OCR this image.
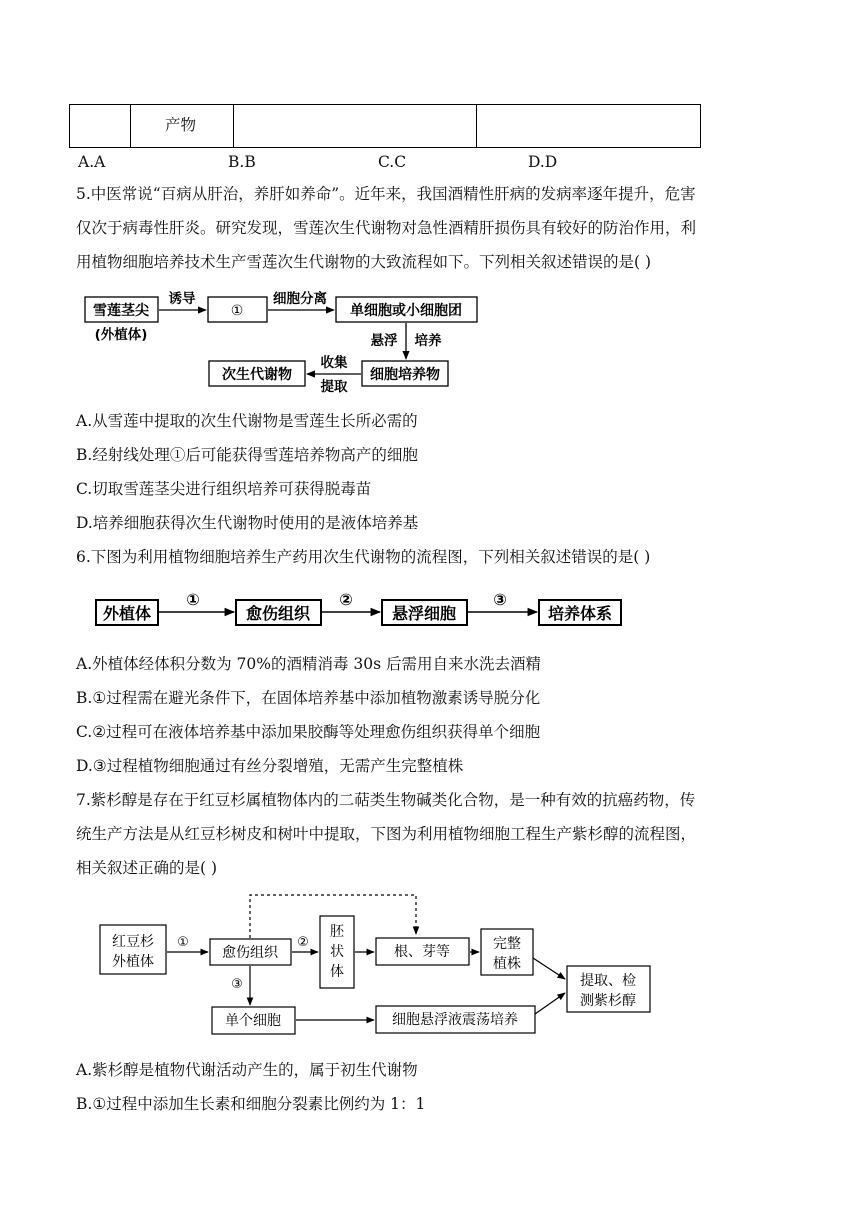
产物
A.A	B.B	C.C	D.D
5.中医常说“百病从肝治，养肝如养命”。近年来，我国酒精性肝病的发病率逐年提升，危害
仅次于病毒性肝炎。研究发现，雪莲次生代谢物对急性酒精肝损伤具有较好的防治作用，利
用植物细胞培养技术生产雪莲次生代谢物的大致流程如下。下列相关叙述错误的是( )
雪莲茎尖
(外植体)
诱导
①
细胞分离
单细胞或小细胞团
悬浮 培养
细胞培养物
收集
提取
次生代谢物
A.从雪莲中提取的次生代谢物是雪莲生长所必需的
B.经射线处理①后可能获得雪莲培养物高产的细胞
C.切取雪莲茎尖进行组织培养可获得脱毒苗
D.培养细胞获得次生代谢物时使用的是液体培养基
6.下图为利用植物细胞培养生产药用次生代谢物的流程图，下列相关叙述错误的是( )
外植体
①
愈伤组织
②
悬浮细胞
③
培养体系
A.外植体经体积分数为 70%的酒精消毒 30s 后需用自来水洗去酒精
B.①过程需在避光条件下，在固体培养基中添加植物激素诱导脱分化
C.②过程可在液体培养基中添加果胶酶等处理愈伤组织获得单个细胞
D.③过程植物细胞通过有丝分裂增殖，无需产生完整植株
7.紫杉醇是存在于红豆杉属植物体内的二萜类生物碱类化合物，是一种有效的抗癌药物，传
统生产方法是从红豆杉树皮和树叶中提取，下图为利用植物细胞工程生产紫杉醇的流程图，
相关叙述正确的是( )
红豆杉
外植体
①
愈伤组织
②
胚
状
体
根、芽等	完整
植株
提取、检
测紫杉醇
③
单个细胞	细胞悬浮液震荡培养
A.紫杉醇是植物代谢活动产生的，属于初生代谢物
B.①过程中添加生长素和细胞分裂素比例约为 1：1
